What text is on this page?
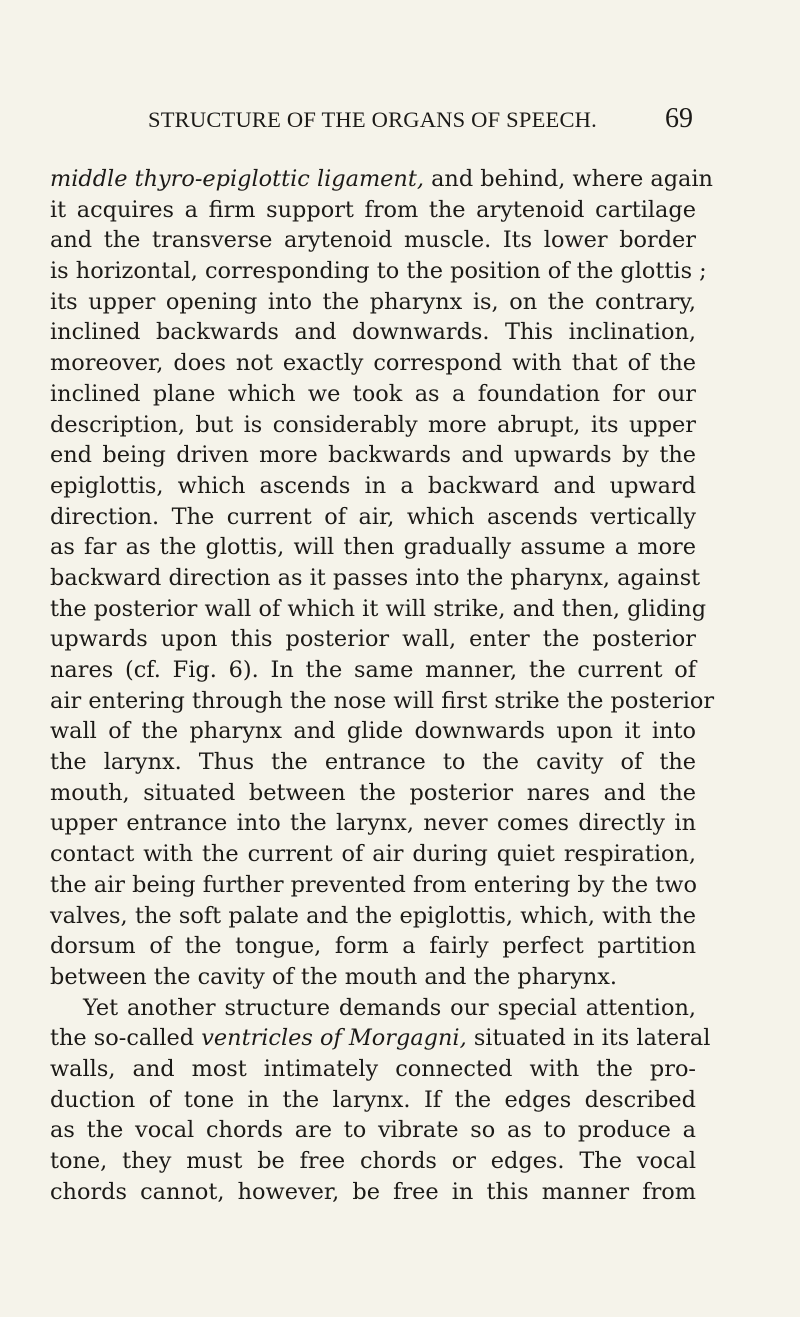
STRUCTURE OF THE ORGANS OF SPEECH. 69
middle thyro-epiglottic ligament, and behind, where again
it acquires a firm support from the arytenoid cartilage
and the transverse arytenoid muscle. Its lower border
is horizontal, corresponding to the position of the glottis ;
its upper opening into the pharynx is, on the contrary,
inclined backwards and downwards. This inclination,
moreover, does not exactly correspond with that of the
inclined plane which we took as a foundation for our
description, but is considerably more abrupt, its upper
end being driven more backwards and upwards by the
epiglottis, which ascends in a backward and upward
direction. The current of air, which ascends vertically
as far as the glottis, will then gradually assume a more
backward direction as it passes into the pharynx, against
the posterior wall of which it will strike, and then, gliding
upwards upon this posterior wall, enter the posterior
nares (cf. Fig. 6). In the same manner, the current of
air entering through the nose will first strike the posterior
wall of the pharynx and glide downwards upon it into
the larynx. Thus the entrance to the cavity of the
mouth, situated between the posterior nares and the
upper entrance into the larynx, never comes directly in
contact with the current of air during quiet respiration,
the air being further prevented from entering by the two
valves, the soft palate and the epiglottis, which, with the
dorsum of the tongue, form a fairly perfect partition
between the cavity of the mouth and the pharynx.
Yet another structure demands our special attention,
the so-called ventricles of Morgagni, situated in its lateral
walls, and most intimately connected with the pro-
duction of tone in the larynx. If the edges described
as the vocal chords are to vibrate so as to produce a
tone, they must be free chords or edges. The vocal
chords cannot, however, be free in this manner from
